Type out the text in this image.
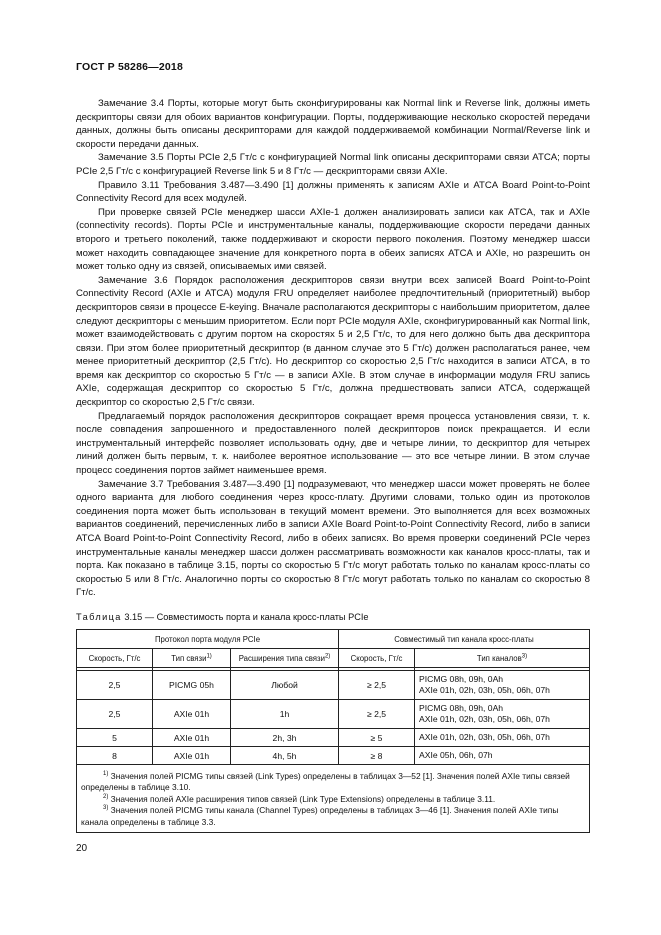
ГОСТ Р 58286—2018

Замечание 3.4 Порты, которые могут быть сконфигурированы как Normal link и Reverse link, должны иметь дескрипторы связи для обоих вариантов конфигурации. Порты, поддерживающие несколько скоростей передачи данных, должны быть описаны дескрипторами для каждой поддерживаемой комбинации Normal/Reverse link и скорости передачи данных.

Замечание 3.5 Порты PCIe 2,5 Гт/с с конфигурацией Normal link описаны дескрипторами связи ATCA; порты PCIe 2,5 Гт/с с конфигурацией Reverse link 5 и 8 Гт/с — дескрипторами связи AXIe.

Правило 3.11 Требования 3.487—3.490 [1] должны применять к записям AXIe и ATCA Board Point-to-Point Connectivity Record для всех модулей.

При проверке связей PCIe менеджер шасси AXIe-1 должен анализировать записи как ATCA, так и AXIe (connectivity records). Порты PCIe и инструментальные каналы, поддерживающие скорости передачи данных второго и третьего поколений, также поддерживают и скорости первого поколения. Поэтому менеджер шасси может находить совпадающее значение для конкретного порта в обеих записях ATCA и AXIe, но разрешить он может только одну из связей, описываемых ими связей.

Замечание 3.6 Порядок расположения дескрипторов связи внутри всех записей Board Point-to-Point Connectivity Record (AXIe и ATCA) модуля FRU определяет наиболее предпочтительный (приоритетный) выбор дескрипторов связи в процессе E-keying. Вначале располагаются дескрипторы с наибольшим приоритетом, далее следуют дескрипторы с меньшим приоритетом. Если порт PCIe модуля AXIe, сконфигурированный как Normal link, может взаимодействовать с другим портом на скоростях 5 и 2,5 Гт/с, то для него должно быть два дескриптора связи. При этом более приоритетный дескриптор (в данном случае это 5 Гт/с) должен располагаться ранее, чем менее приоритетный дескриптор (2,5 Гт/с). Но дескриптор со скоростью 2,5 Гт/с находится в записи ATCA, в то время как дескриптор со скоростью 5 Гт/с — в записи AXIe. В этом случае в информации модуля FRU запись AXIe, содержащая дескриптор со скоростью 5 Гт/с, должна предшествовать записи ATCA, содержащей дескриптор со скоростью 2,5 Гт/с связи.

Предлагаемый порядок расположения дескрипторов сокращает время процесса установления связи, т. к. после совпадения запрошенного и предоставленного полей дескрипторов поиск прекращается. И если инструментальный интерфейс позволяет использовать одну, две и четыре линии, то дескриптор для четырех линий должен быть первым, т. к. наиболее вероятное использование — это все четыре линии. В этом случае процесс соединения портов займет наименьшее время.

Замечание 3.7 Требования 3.487—3.490 [1] подразумевают, что менеджер шасси может проверять не более одного варианта для любого соединения через кросс-плату. Другими словами, только один из протоколов соединения порта может быть использован в текущий момент времени. Это выполняется для всех возможных вариантов соединений, перечисленных либо в записи AXIe Board Point-to-Point Connectivity Record, либо в записи ATCA Board Point-to-Point Connectivity Record, либо в обеих записях. Во время проверки соединений PCIe через инструментальные каналы менеджер шасси должен рассматривать возможности как каналов кросс-платы, так и порта. Как показано в таблице 3.15, порты со скоростью 5 Гт/с могут работать только по каналам кросс-платы со скоростью 5 или 8 Гт/с. Аналогично порты со скоростью 8 Гт/с могут работать только по каналам со скоростью 8 Гт/с.

Таблица 3.15 — Совместимость порта и канала кросс-платы PCIe
Протокол порта модуля PCIe			Совместимый тип канала кросс-платы	
Скорость, Гт/с	Тип связи$^{1)}$	Расширения типа связи$^{2)}$	Скорость, Гт/с	Тип каналов$^{3)}$

2,5	PICMG 05h	Любой	≥ 2,5	PICMG 08h, 09h, 0Ah
AXIe 01h, 02h, 03h, 05h, 06h, 07h

2,5	AXIe 01h	1h	≥ 2,5	PICMG 08h, 09h, 0Ah
AXIe 01h, 02h, 03h, 05h, 06h, 07h

5	AXIe 01h	2h, 3h	≥ 5	AXIe 01h, 02h, 03h, 05h, 06h, 07h
8	AXIe 01h	4h, 5h	≥ 8	AXIe 05h, 06h, 07h

$^{1)}$ Значения полей PICMG типы связей (Link Types) определены в таблицах 3—52 [1]. Значения полей AXIe типы связей определены в таблице 3.10.

$^{2)}$ Значения полей AXIe расширения типов связей (Link Type Extensions) определены в таблице 3.11.

$^{3)}$ Значения полей PICMG типы канала (Channel Types) определены в таблицах 3—46 [1]. Значения полей AXIe типы канала определены в таблице 3.3.				

20
